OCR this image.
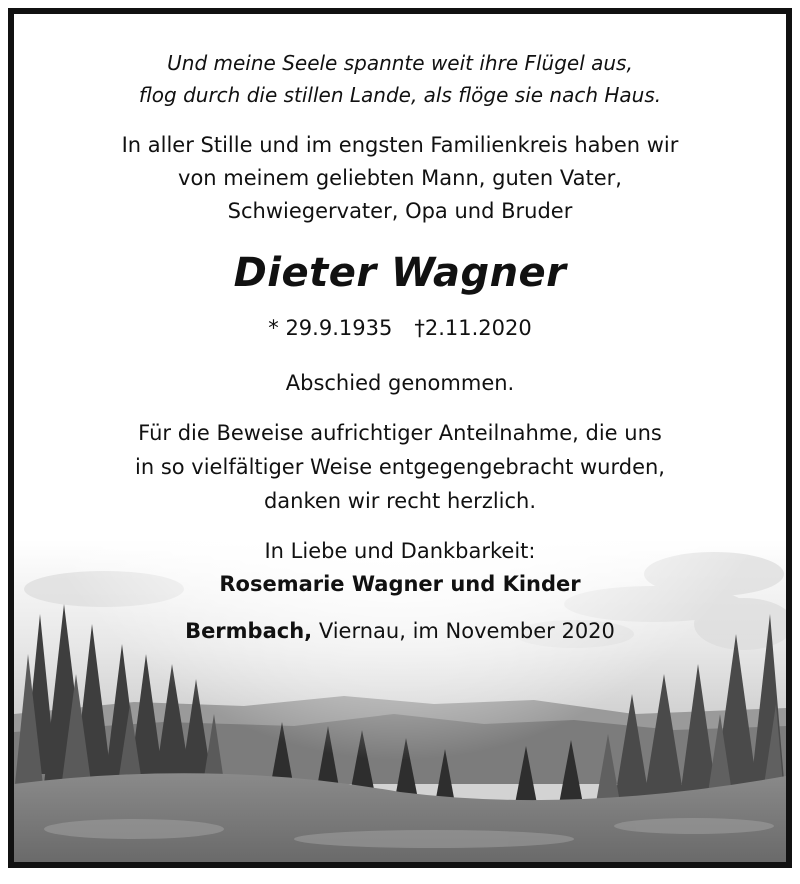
Und meine Seele spannte weit ihre Flügel aus,
flog durch die stillen Lande, als flöge sie nach Haus.
In aller Stille und im engsten Familienkreis haben wir
von meinem geliebten Mann, guten Vater,
Schwiegervater, Opa und Bruder
Dieter Wagner
* 29.9.1935 †2.11.2020
Abschied genommen.
Für die Beweise aufrichtiger Anteilnahme, die uns
in so vielfältiger Weise entgegengebracht wurden,
danken wir recht herzlich.
In Liebe und Dankbarkeit:
Rosemarie Wagner und Kinder
Bermbach, Viernau, im November 2020
